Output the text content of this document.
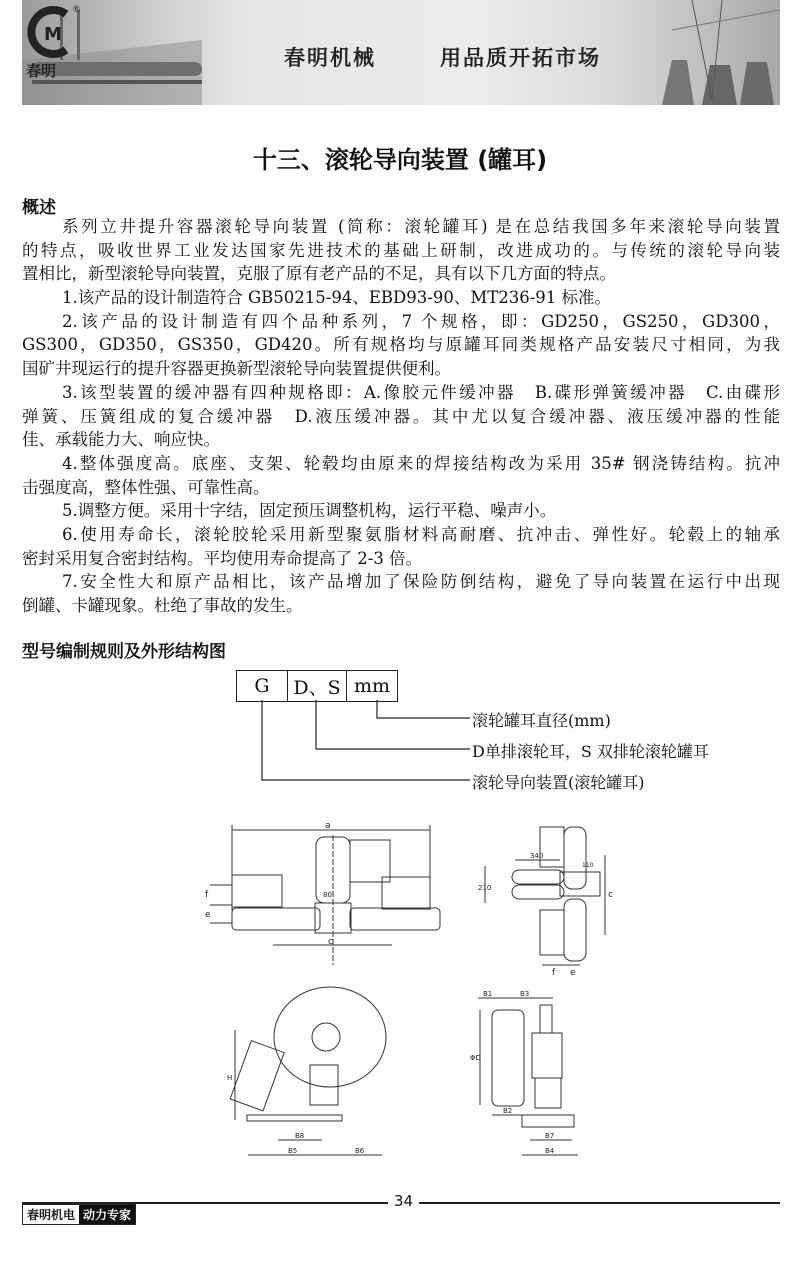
M
®
春明
春明机械	用品质开拓市场
十三、滚轮导向装置 (罐耳)
概述
系列立井提升容器滚轮导向装置 (简称：滚轮罐耳) 是在总结我国多年来滚轮导向装置
的特点，吸收世界工业发达国家先进技术的基础上研制，改进成功的。与传统的滚轮导向装
置相比，新型滚轮导向装置，克服了原有老产品的不足，具有以下几方面的特点。
1.该产品的设计制造符合 GB50215-94、EBD93-90、MT236-91 标准。
2.该产品的设计制造有四个品种系列，7 个规格，即：GD250，GS250，GD300，
GS300，GD350，GS350，GD420。所有规格均与原罐耳同类规格产品安装尺寸相同，为我
国矿井现运行的提升容器更换新型滚轮导向装置提供便利。
3.该型装置的缓冲器有四种规格即：A.像胶元件缓冲器　B.碟形弹簧缓冲器　C.由碟形
弹簧、压簧组成的复合缓冲器　D.液压缓冲器。其中尤以复合缓冲器、液压缓冲器的性能
佳、承载能力大、响应快。
4.整体强度高。底座、支架、轮毂均由原来的焊接结构改为采用 35# 钢浇铸结构。抗冲
击强度高，整体性强、可靠性高。
5.调整方便。采用十字结，固定预压调整机构，运行平稳、噪声小。
6.使用寿命长，滚轮胶轮采用新型聚氨脂材料高耐磨、抗冲击、弹性好。轮毂上的轴承
密封采用复合密封结构。平均使用寿命提高了 2-3 倍。
7.安全性大和原产品相比，该产品增加了保险防倒结构，避免了导向装置在运行中出现
倒罐、卡罐现象。杜绝了事故的发生。
型号编制规则及外形结构图
G	D、S mm
滚轮罐耳直径(mm)
D单排滚轮耳，S 双排轮滚轮罐耳
滚轮导向装置(滚轮罐耳)
a
f
e
c
80
340
210
c
f e
110
H
B8
B5	B6
B1	B3
ΦD
B2
B7
B4
34
春明机电 动力专家
